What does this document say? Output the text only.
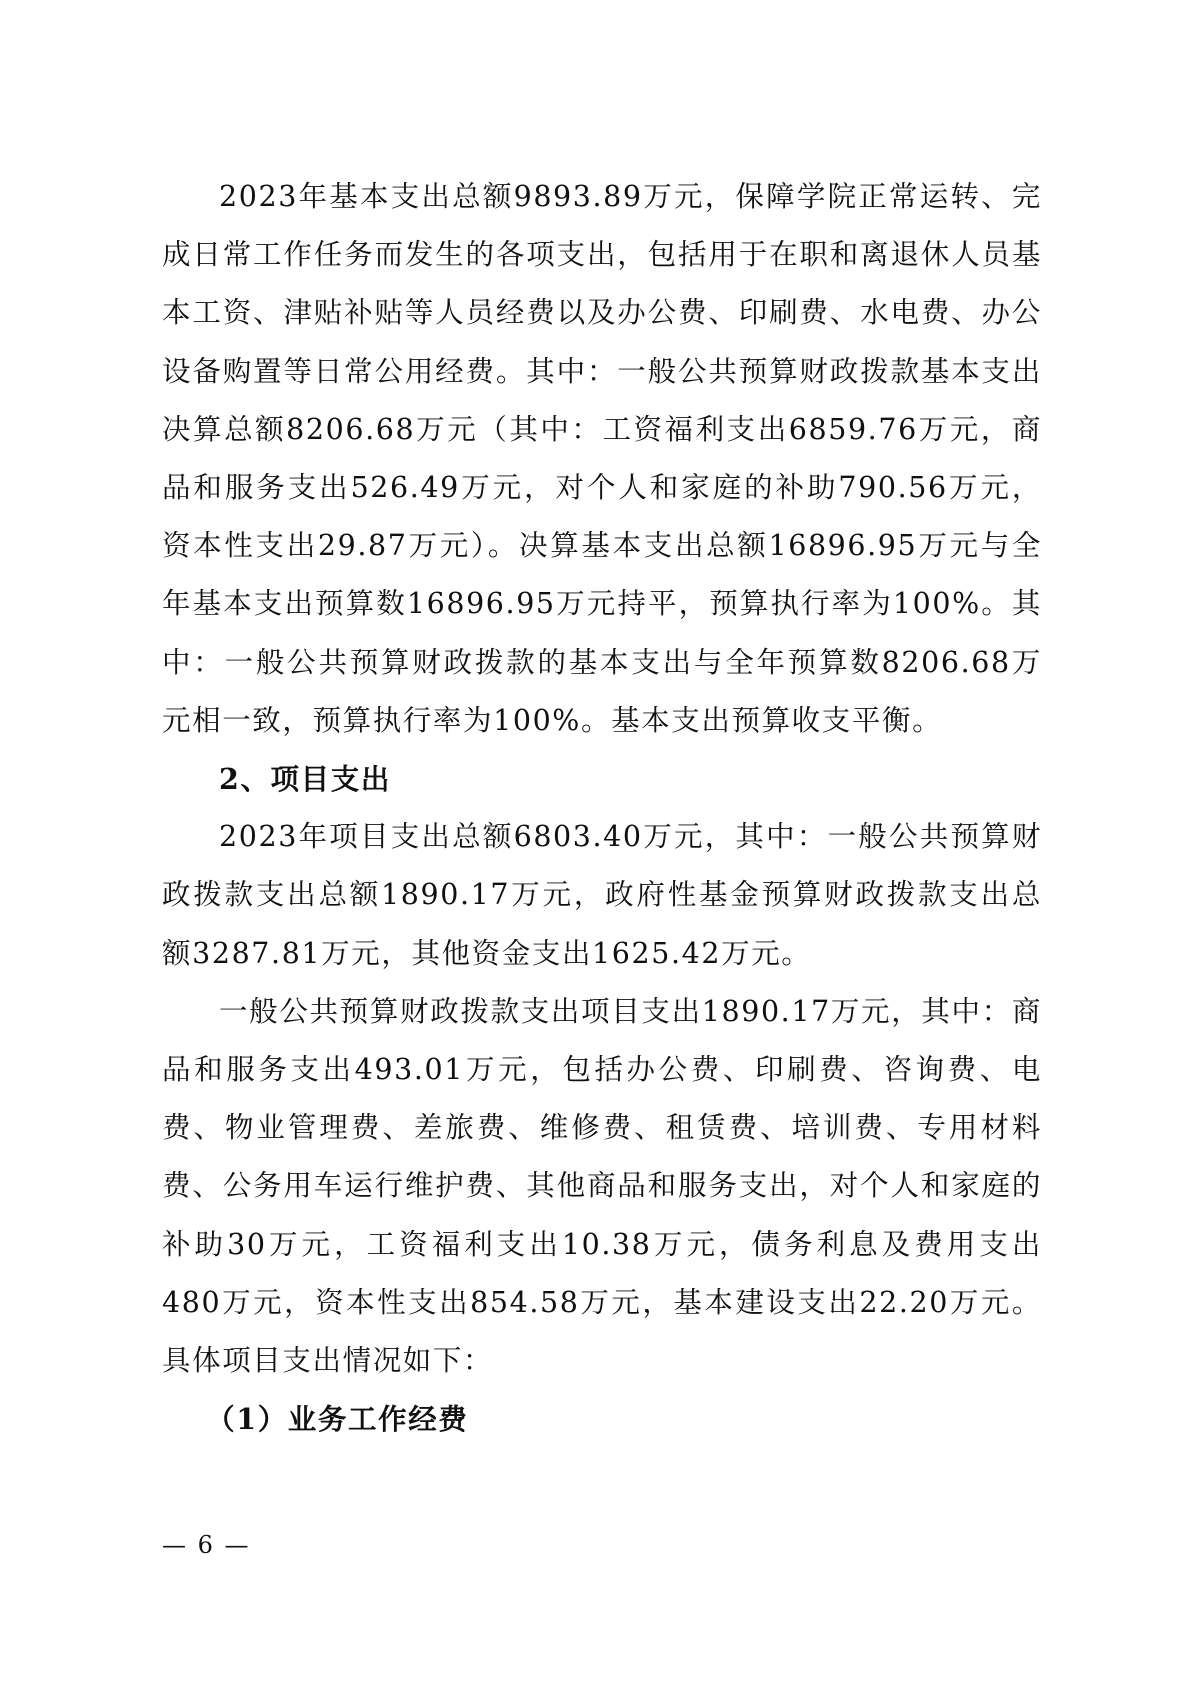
2023年基本支出总额9893.89万元，保障学院正常运转、完成日常工作任务而发生的各项支出，包括用于在职和离退休人员基本工资、津贴补贴等人员经费以及办公费、印刷费、水电费、办公设备购置等日常公用经费。其中：一般公共预算财政拨款基本支出决算总额8206.68万元（其中：工资福利支出6859.76万元，商品和服务支出526.49万元，对个人和家庭的补助790.56万元，资本性支出29.87万元）。决算基本支出总额16896.95万元与全年基本支出预算数16896.95万元持平，预算执行率为100%。其中：一般公共预算财政拨款的基本支出与全年预算数8206.68万元相一致，预算执行率为100%。基本支出预算收支平衡。

2、项目支出

2023年项目支出总额6803.40万元，其中：一般公共预算财政拨款支出总额1890.17万元，政府性基金预算财政拨款支出总额3287.81万元，其他资金支出1625.42万元。

一般公共预算财政拨款支出项目支出1890.17万元，其中：商品和服务支出493.01万元，包括办公费、印刷费、咨询费、电费、物业管理费、差旅费、维修费、租赁费、培训费、专用材料费、公务用车运行维护费、其他商品和服务支出，对个人和家庭的补助30万元，工资福利支出10.38万元，债务利息及费用支出480万元，资本性支出854.58万元，基本建设支出22.20万元。具体项目支出情况如下：

（1）业务工作经费

— 6 —
